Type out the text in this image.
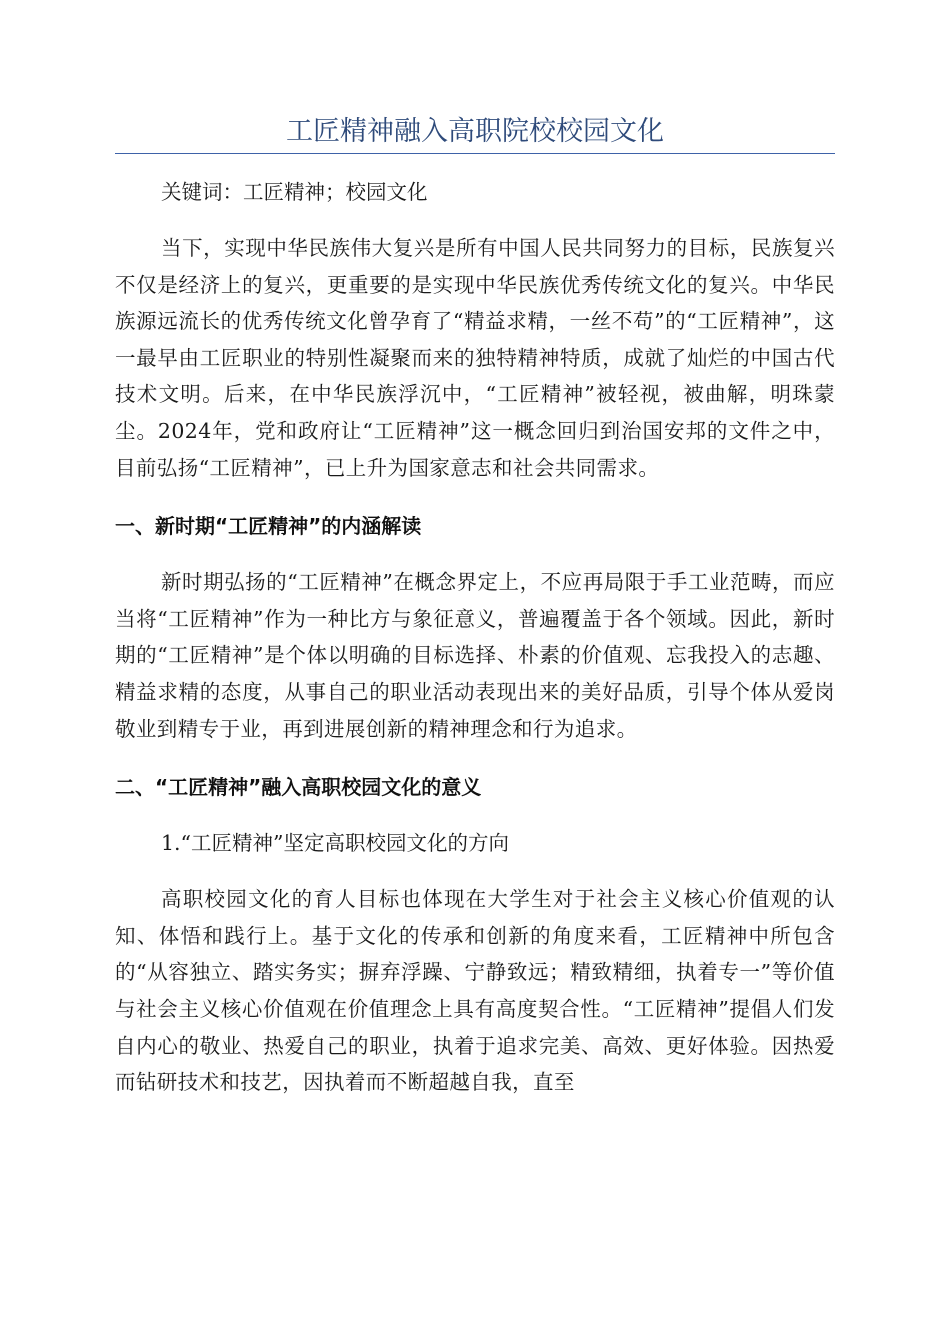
工匠精神融入高职院校校园文化

关键词：工匠精神；校园文化

当下，实现中华民族伟大复兴是所有中国人民共同努力的目标，民族复兴不仅是经济上的复兴，更重要的是实现中华民族优秀传统文化的复兴。中华民族源远流长的优秀传统文化曾孕育了“精益求精，一丝不苟”的“工匠精神”，这一最早由工匠职业的特别性凝聚而来的独特精神特质，成就了灿烂的中国古代技术文明。后来，在中华民族浮沉中，“工匠精神”被轻视，被曲解，明珠蒙尘。2024年，党和政府让“工匠精神”这一概念回归到治国安邦的文件之中，目前弘扬“工匠精神”，已上升为国家意志和社会共同需求。

一、新时期“工匠精神”的内涵解读

新时期弘扬的“工匠精神”在概念界定上，不应再局限于手工业范畴，而应当将“工匠精神”作为一种比方与象征意义，普遍覆盖于各个领域。因此，新时期的“工匠精神”是个体以明确的目标选择、朴素的价值观、忘我投入的志趣、精益求精的态度，从事自己的职业活动表现出来的美好品质，引导个体从爱岗敬业到精专于业，再到进展创新的精神理念和行为追求。

二、“工匠精神”融入高职校园文化的意义

1.“工匠精神”坚定高职校园文化的方向

高职校园文化的育人目标也体现在大学生对于社会主义核心价值观的认知、体悟和践行上。基于文化的传承和创新的角度来看，工匠精神中所包含的“从容独立、踏实务实；摒弃浮躁、宁静致远；精致精细，执着专一”等价值与社会主义核心价值观在价值理念上具有高度契合性。“工匠精神”提倡人们发自内心的敬业、热爱自己的职业，执着于追求完美、高效、更好体验。因热爱而钻研技术和技艺，因执着而不断超越自我，直至
